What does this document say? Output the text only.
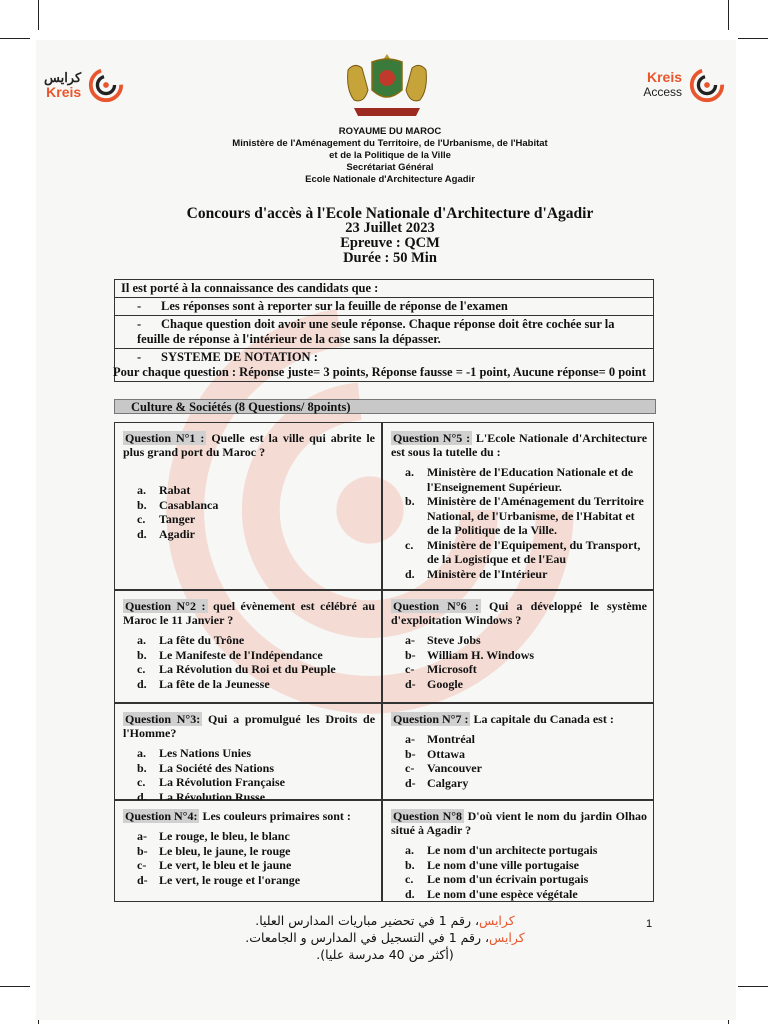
كرايس
Kreis
Kreis
Access
ROYAUME DU MAROC
Ministère de l'Aménagement du Territoire, de l'Urbanisme, de l'Habitat
et de la Politique de la Ville
Secrétariat Général
Ecole Nationale d'Architecture Agadir
Concours d'accès à l'Ecole Nationale d'Architecture d'Agadir
23 Juillet 2023
Epreuve : QCM
Durée : 50 Min
Il est porté à la connaissance des candidats que :
- Les réponses sont à reporter sur la feuille de réponse de l'examen
- Chaque question doit avoir une seule réponse. Chaque réponse doit être cochée sur la feuille de réponse à l'intérieur de la case sans la dépasser.
- SYSTEME DE NOTATION :
Pour chaque question : Réponse juste= 3 points, Réponse fausse = -1 point, Aucune réponse= 0 point
Culture & Sociétés (8 Questions/ 8points)
Question N°1 : Quelle est la ville qui abrite le plus grand port du Maroc ?
a.	Rabat
b.	Casablanca
c.	Tanger
d.	Agadir
Question N°5 : L'Ecole Nationale d'Architecture est sous la tutelle du :
a.	Ministère de l'Education Nationale et de l'Enseignement Supérieur.
b.	Ministère de l'Aménagement du Territoire National, de l'Urbanisme, de l'Habitat et de la Politique de la Ville.
c.	Ministère de l'Equipement, du Transport, de la Logistique et de l'Eau
d.	Ministère de l'Intérieur
Question N°2 : quel évènement est célébré au Maroc le 11 Janvier ?
a.	La fête du Trône
b.	Le Manifeste de l'Indépendance
c.	La Révolution du Roi et du Peuple
d.	La fête de la Jeunesse
Question N°6 : Qui a développé le système d'exploitation Windows ?
a-	Steve Jobs
b- William H. Windows
c-	Microsoft
d- Google
Question N°3: Qui a promulgué les Droits de l'Homme?
a.	Les Nations Unies
b.	La Société des Nations
c.	La Révolution Française
d.	La Révolution Russe
Question N°7 : La capitale du Canada est :
a-	Montréal
b- Ottawa
c-	Vancouver
d- Calgary
Question N°4: Les couleurs primaires sont :
a-	Le rouge, le bleu, le blanc
b- Le bleu, le jaune, le rouge
c-	Le vert, le bleu et le jaune
d- Le vert, le rouge et l'orange
Question N°8 D'où vient le nom du jardin Olhao situé à Agadir ?
a.	Le nom d'un architecte portugais
b.	Le nom d'une ville portugaise
c.	Le nom d'un écrivain portugais
d.	Le nom d'une espèce végétale
كرايس، رقم 1 في تحضير مباريات المدارس العليا.
كرايس، رقم 1 في التسجيل في المدارس و الجامعات.
(أكثر من 40 مدرسة عليا).
1
